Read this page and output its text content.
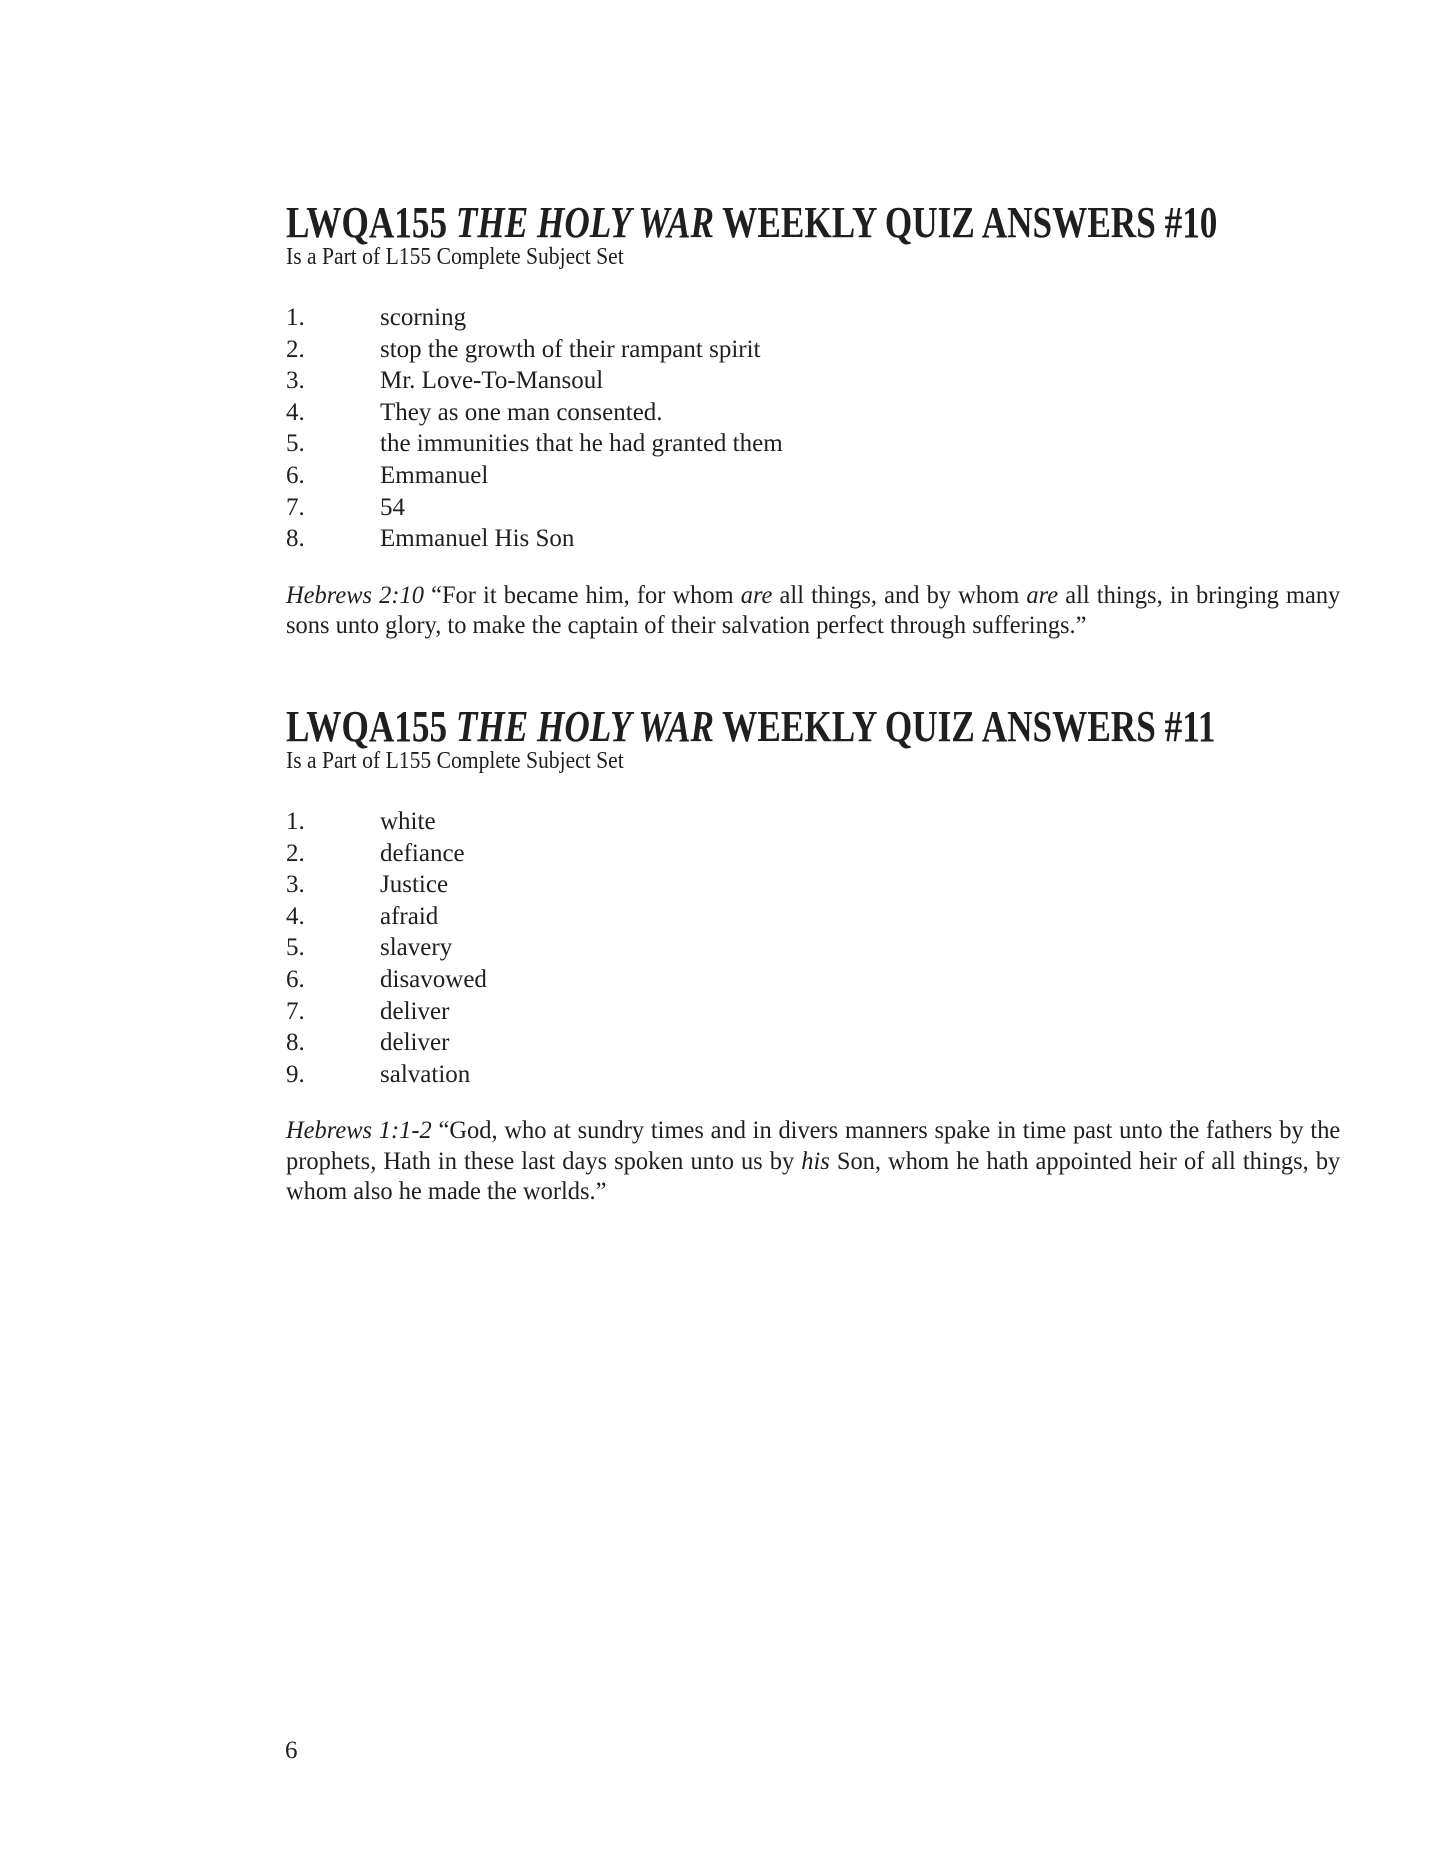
LWQA155 THE HOLY WAR WEEKLY QUIZ ANSWERS #10

Is a Part of L155 Complete Subject Set

1.	scorning
2.	stop the growth of their rampant spirit
3.	Mr. Love-To-Mansoul
4.	They as one man consented.
5.	the immunities that he had granted them
6.	Emmanuel
7.	54
8.	Emmanuel His Son

Hebrews 2:10 “For it became him, for whom are all things, and by whom are all things, in bringing many sons unto glory, to make the captain of their salvation perfect through sufferings.”

LWQA155 THE HOLY WAR WEEKLY QUIZ ANSWERS #11

Is a Part of L155 Complete Subject Set

1.	white
2.	defiance
3.	Justice
4.	afraid
5.	slavery
6.	disavowed
7.	deliver
8.	deliver
9.	salvation

Hebrews 1:1-2 “God, who at sundry times and in divers manners spake in time past unto the fathers by the prophets, Hath in these last days spoken unto us by his Son, whom he hath appointed heir of all things, by whom also he made the worlds.”

6
